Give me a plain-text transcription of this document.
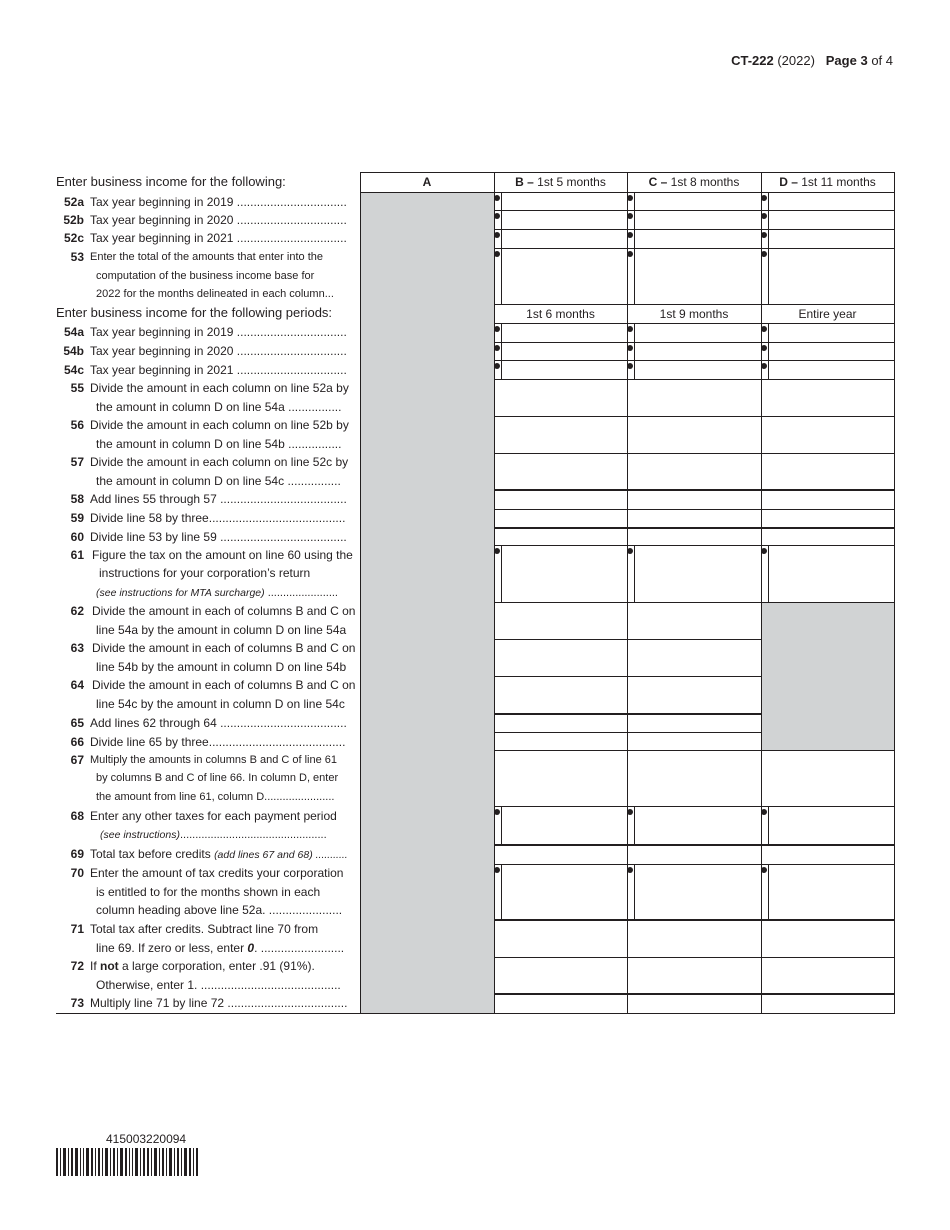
CT-222 (2022) Page 3 of 4
Enter business income for the following:	A	B – 1st 5 months	C – 1st 8 months	D – 1st 11 months

52a Tax year beginning in 2019 .................................				

52b Tax year beginning in 2020 .................................				

52c Tax year beginning in 2021 .................................				

53 Enter the total of the amounts that enter into the
computation of the business income base for
2022 for the months delineated in each column...				

Enter business income for the following periods:		1st 6 months	1st 9 months	Entire year

54a Tax year beginning in 2019 .................................				

54b Tax year beginning in 2020 .................................				

54c Tax year beginning in 2021 .................................				

55 Divide the amount in each column on line 52a by
the amount in column D on line 54a ................				

56 Divide the amount in each column on line 52b by
the amount in column D on line 54b ................				

57 Divide the amount in each column on line 52c by
the amount in column D on line 54c ................				

58 Add lines 55 through 57 ......................................				

59 Divide line 58 by three.........................................				

60 Divide line 53 by line 59 ......................................				

61 Figure the tax on the amount on line 60 using the
instructions for your corporation’s return
(see instructions for MTA surcharge) .......................				

62 Divide the amount in each of columns B and C on
line 54a by the amount in column D on line 54a				

63 Divide the amount in each of columns B and C on
line 54b by the amount in column D on line 54b				

64 Divide the amount in each of columns B and C on
line 54c by the amount in column D on line 54c				

65 Add lines 62 through 64 ......................................				

66 Divide line 65 by three.........................................				

67 Multiply the amounts in columns B and C of line 61
by columns B and C of line 66. In column D, enter
the amount from line 61, column D.......................				

68 Enter any other taxes for each payment period
(see instructions)................................................				

69 Total tax before credits (add lines 67 and 68) ...........				

70 Enter the amount of tax credits your corporation
is entitled to for the months shown in each
column heading above line 52a. ......................				

71 Total tax after credits. Subtract line 70 from
line 69. If zero or less, enter 0. .........................				

72 If not a large corporation, enter .91 (91%).
Otherwise, enter 1. ..........................................				

73 Multiply line 71 by line 72 ....................................				

415003220094
